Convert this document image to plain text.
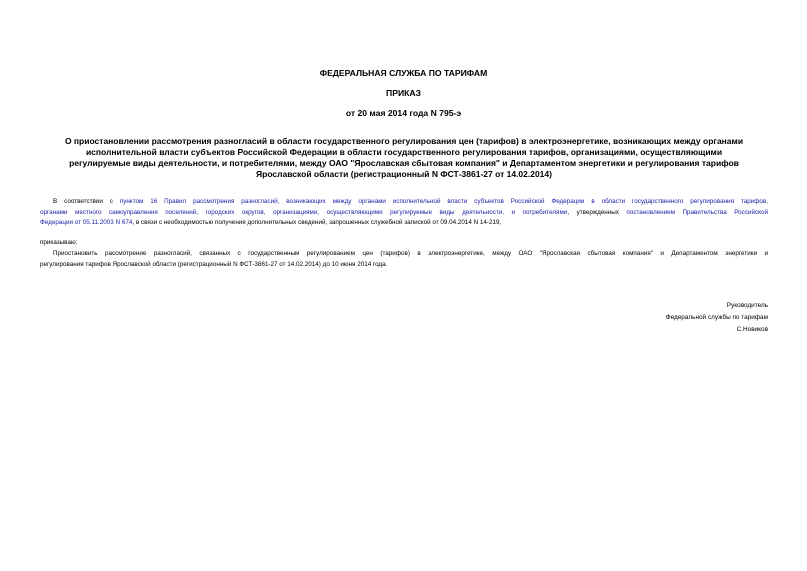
ФЕДЕРАЛЬНАЯ СЛУЖБА ПО ТАРИФАМ
ПРИКАЗ
от 20 мая 2014 года N 795-э
О приостановлении рассмотрения разногласий в области государственного регулирования цен (тарифов) в электроэнергетике, возникающих между органами
исполнительной власти субъектов Российской Федерации в области государственного регулирования тарифов, организациями, осуществляющими
регулируемые виды деятельности, и потребителями, между ОАО "Ярославская сбытовая компания" и Департаментом энергетики и регулирования тарифов
Ярославской области (регистрационный N ФСТ-3861-27 от 14.02.2014)
В соответствии с пунктом 16 Правил рассмотрения разногласий, возникающих между органами исполнительной власти субъектов Российской Федерации в области государственного регулирования тарифов,
органами местного самоуправления поселений, городских округов, организациями, осуществляющими регулируемые виды деятельности, и потребителями, утвержденных постановлением Правительства Российской
Федерации от 05.11.2003 N 674, в связи с необходимостью получения дополнительных сведений, запрошенных служебной запиской от 09.04.2014 N 14-219,
приказываю:
Приостановить рассмотрение разногласий, связанных с государственным регулированием цен (тарифов) в электроэнергетике, между ОАО "Ярославская сбытовая компания" и Департаментом энергетики и
регулирования тарифов Ярославской области (регистрационный N ФСТ-3861-27 от 14.02.2014) до 10 июня 2014 года.
Руководитель
Федеральной службы по тарифам
С.Новиков
